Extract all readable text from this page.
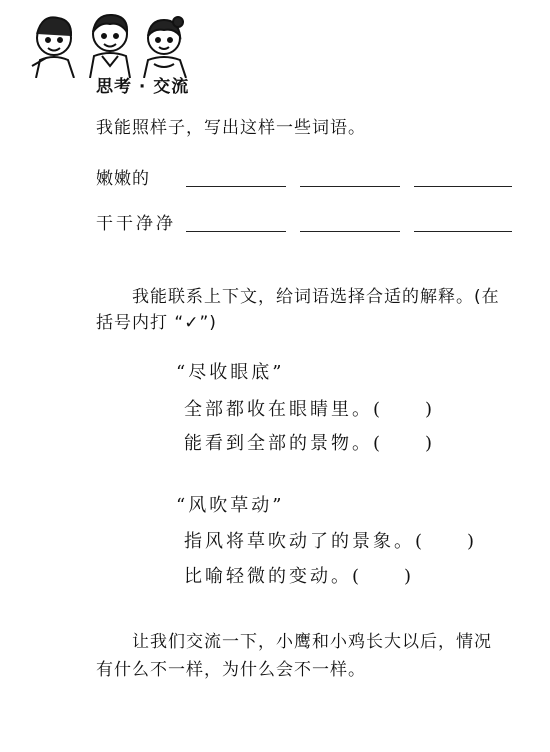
思考 · 交流
我能照样子，写出这样一些词语。
嫩嫩的
干干净净
我能联系上下文，给词语选择合适的解释。(在
括号内打 “✓”)
“尽收眼底”
全部都收在眼睛里。(　　)
能看到全部的景物。(　　)
“风吹草动”
指风将草吹动了的景象。(　　)
比喻轻微的变动。(　　)
让我们交流一下，小鹰和小鸡长大以后，情况
有什么不一样，为什么会不一样。
